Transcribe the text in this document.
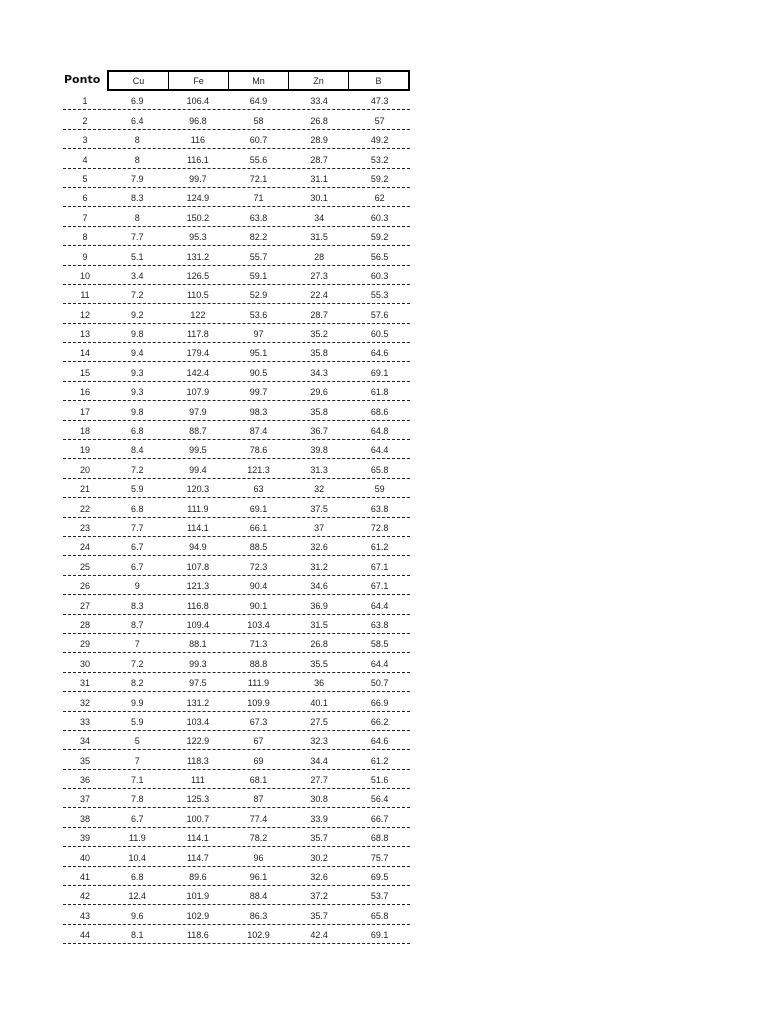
Ponto	Cu	Fe	Mn	Zn	B
1	6.9	106.4	64.9	33.4	47.3
2	6.4	96.8	58	26.8	57
3	8	116	60.7	28.9	49.2
4	8	116.1	55.6	28.7	53.2
5	7.9	99.7	72.1	31.1	59.2
6	8.3	124.9	71	30.1	62
7	8	150.2	63.8	34	60.3
8	7.7	95.3	82.2	31.5	59.2
9	5.1	131.2	55.7	28	56.5
10	3.4	126.5	59.1	27.3	60.3
11	7.2	110.5	52.9	22.4	55.3
12	9.2	122	53.6	28.7	57.6
13	9.8	117.8	97	35.2	60.5
14	9.4	179.4	95.1	35.8	64.6
15	9.3	142.4	90.5	34.3	69.1
16	9.3	107.9	99.7	29.6	61.8
17	9.8	97.9	98.3	35.8	68.6
18	6.8	88.7	87.4	36.7	64.8
19	8.4	99.5	78.6	39.8	64.4
20	7.2	99.4	121.3	31.3	65.8
21	5.9	120.3	63	32	59
22	6.8	111.9	69.1	37.5	63.8
23	7.7	114.1	66.1	37	72.8
24	6.7	94.9	88.5	32.6	61.2
25	6.7	107.8	72.3	31.2	67.1
26	9	121.3	90.4	34.6	67.1
27	8.3	116.8	90.1	36.9	64.4
28	8.7	109.4	103.4	31.5	63.8
29	7	88.1	71.3	26.8	58.5
30	7.2	99.3	88.8	35.5	64.4
31	8.2	97.5	111.9	36	50.7
32	9.9	131.2	109.9	40.1	66.9
33	5.9	103.4	67.3	27.5	66.2
34	5	122.9	67	32.3	64.6
35	7	118.3	69	34.4	61.2
36	7.1	111	68.1	27.7	51.6
37	7.8	125.3	87	30.8	56.4
38	6.7	100.7	77.4	33.9	66.7
39	11.9	114.1	78.2	35.7	68.8
40	10.4	114.7	96	30.2	75.7
41	6.8	89.6	96.1	32.6	69.5
42	12.4	101.9	88.4	37.2	53.7
43	9.6	102.9	86.3	35.7	65.8
44	8.1	118.6	102.9	42.4	69.1
